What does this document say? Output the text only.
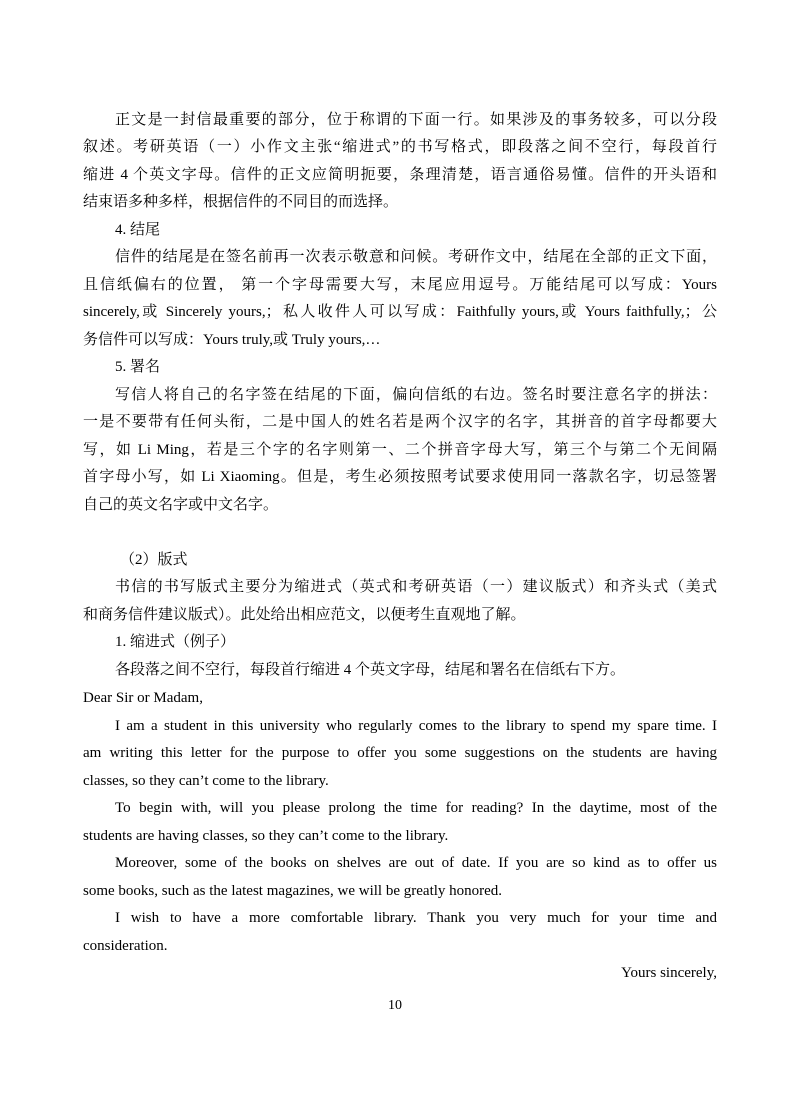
正文是一封信最重要的部分，位于称谓的下面一行。如果涉及的事务较多，可以分段
叙述。考研英语（一）小作文主张“缩进式”的书写格式，即段落之间不空行，每段首行
缩进 4 个英文字母。信件的正文应简明扼要，条理清楚，语言通俗易懂。信件的开头语和
结束语多种多样，根据信件的不同目的而选择。
4. 结尾
信件的结尾是在签名前再一次表示敬意和问候。考研作文中，结尾在全部的正文下面，
且信纸偏右的位置， 第一个字母需要大写，末尾应用逗号。万能结尾可以写成：Yours
sincerely,或 Sincerely yours,；私人收件人可以写成：Faithfully yours,或 Yours faithfully,；公
务信件可以写成：Yours truly,或 Truly yours,…
5. 署名
写信人将自己的名字签在结尾的下面，偏向信纸的右边。签名时要注意名字的拼法：
一是不要带有任何头衔，二是中国人的姓名若是两个汉字的名字，其拼音的首字母都要大
写，如 Li Ming，若是三个字的名字则第一、二个拼音字母大写，第三个与第二个无间隔
首字母小写，如 Li Xiaoming。但是，考生必须按照考试要求使用同一落款名字，切忌签署
自己的英文名字或中文名字。
（2）版式
书信的书写版式主要分为缩进式（英式和考研英语（一）建议版式）和齐头式（美式
和商务信件建议版式）。此处给出相应范文，以便考生直观地了解。
1. 缩进式（例子）
各段落之间不空行，每段首行缩进 4 个英文字母，结尾和署名在信纸右下方。
Dear Sir or Madam,
I am a student in this university who regularly comes to the library to spend my spare time. I
am writing this letter for the purpose to offer you some suggestions on the students are having
classes, so they can’t come to the library.
To begin with, will you please prolong the time for reading? In the daytime, most of the
students are having classes, so they can’t come to the library.
Moreover, some of the books on shelves are out of date. If you are so kind as to offer us
some books, such as the latest magazines, we will be greatly honored.
I wish to have a more comfortable library. Thank you very much for your time and
consideration.
Yours sincerely,
10
